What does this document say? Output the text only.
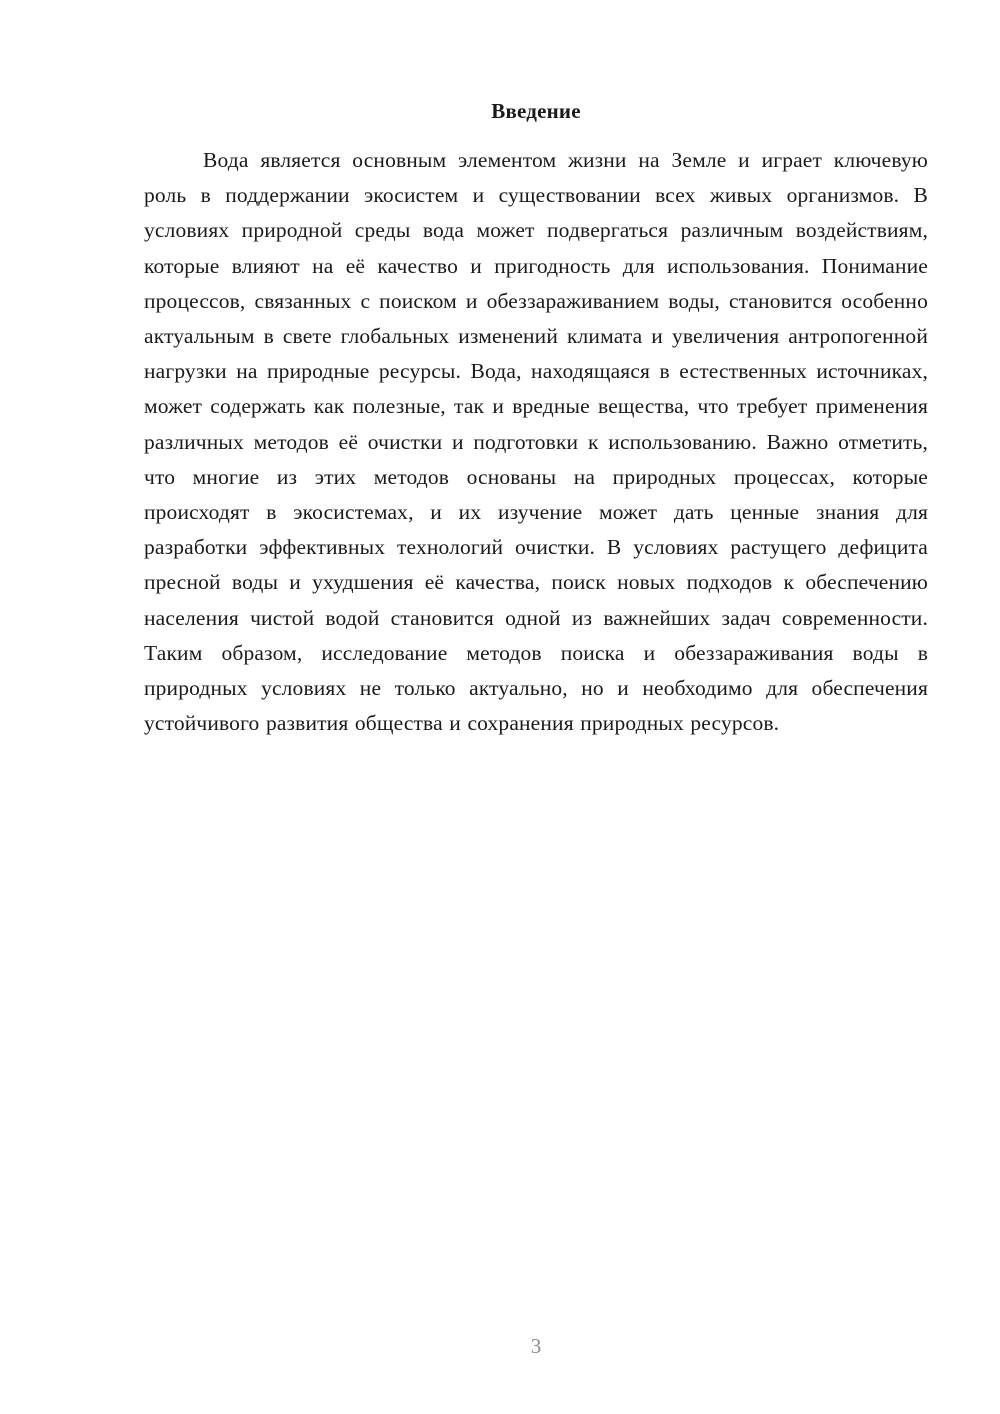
Введение

Вода является основным элементом жизни на Земле и играет ключевую роль в поддержании экосистем и существовании всех живых организмов. В условиях природной среды вода может подвергаться различным воздействиям, которые влияют на её качество и пригодность для использования. Понимание процессов, связанных с поиском и обеззараживанием воды, становится особенно актуальным в свете глобальных изменений климата и увеличения антропогенной нагрузки на природные ресурсы. Вода, находящаяся в естественных источниках, может содержать как полезные, так и вредные вещества, что требует применения различных методов её очистки и подготовки к использованию. Важно отметить, что многие из этих методов основаны на природных процессах, которые происходят в экосистемах, и их изучение может дать ценные знания для разработки эффективных технологий очистки. В условиях растущего дефицита пресной воды и ухудшения её качества, поиск новых подходов к обеспечению населения чистой водой становится одной из важнейших задач современности. Таким образом, исследование методов поиска и обеззараживания воды в природных условиях не только актуально, но и необходимо для обеспечения устойчивого развития общества и сохранения природных ресурсов.

3
